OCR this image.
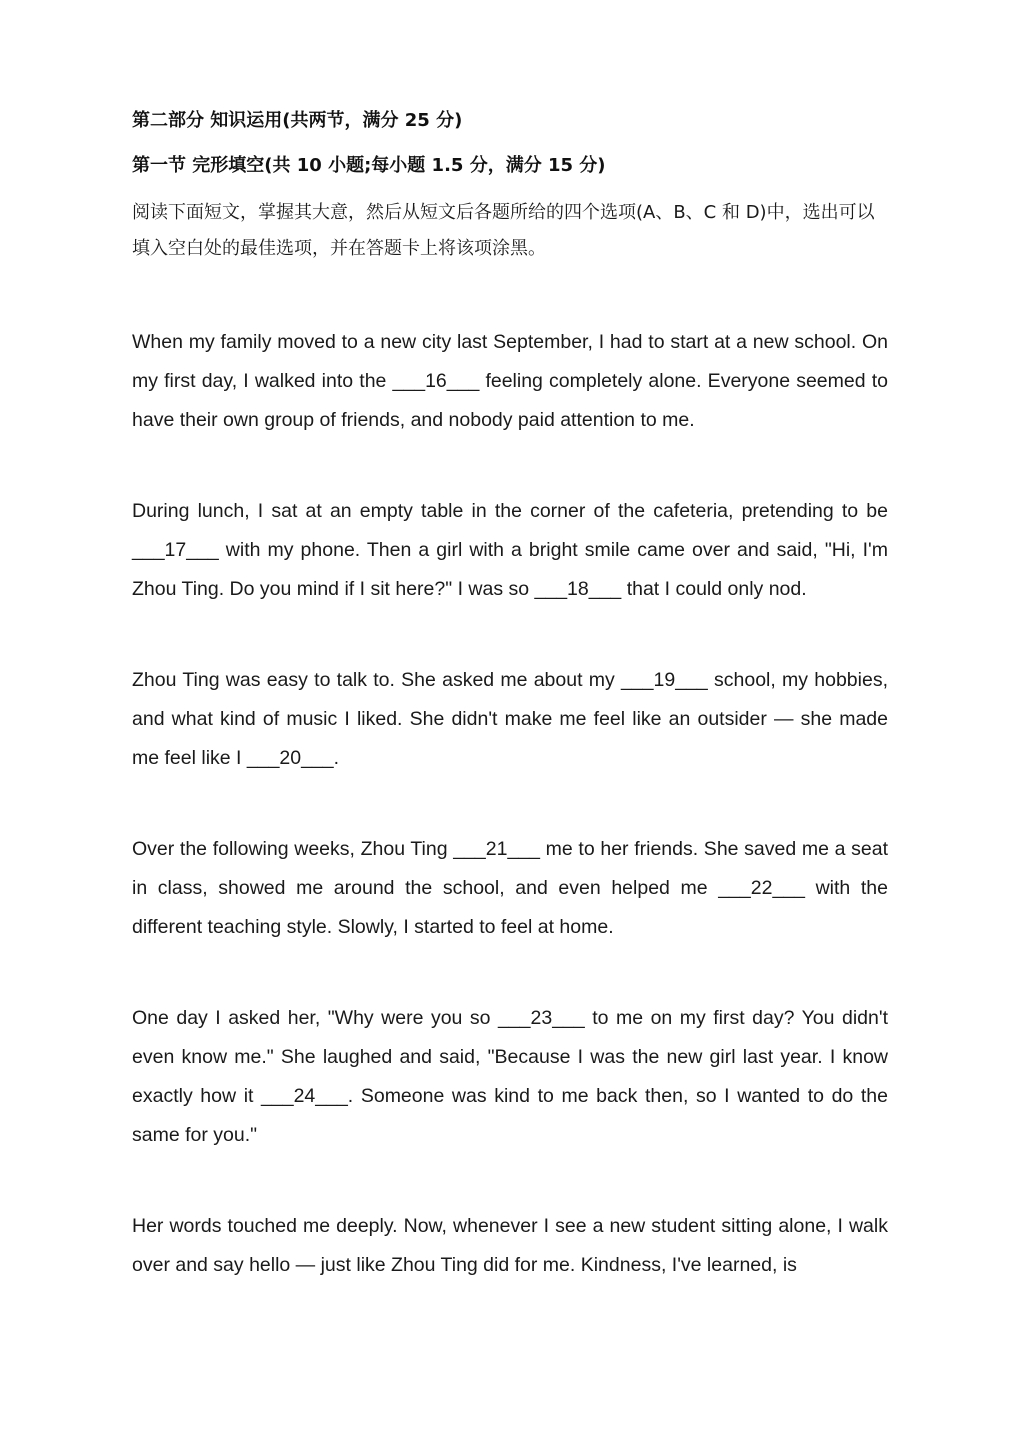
第二部分 知识运用(共两节，满分 25 分)
第一节 完形填空(共 10 小题;每小题 1.5 分，满分 15 分)
阅读下面短文，掌握其大意，然后从短文后各题所给的四个选项(A、B、C 和 D)中，选出可以填入空白处的最佳选项，并在答题卡上将该项涂黑。

When my family moved to a new city last September, I had to start at a new school. On my first day, I walked into the ___16___ feeling completely alone. Everyone seemed to have their own group of friends, and nobody paid attention to me.

During lunch, I sat at an empty table in the corner of the cafeteria, pretending to be ___17___ with my phone. Then a girl with a bright smile came over and said, "Hi, I'm Zhou Ting. Do you mind if I sit here?" I was so ___18___ that I could only nod.

Zhou Ting was easy to talk to. She asked me about my ___19___ school, my hobbies, and what kind of music I liked. She didn't make me feel like an outsider — she made me feel like I ___20___.

Over the following weeks, Zhou Ting ___21___ me to her friends. She saved me a seat in class, showed me around the school, and even helped me ___22___ with the different teaching style. Slowly, I started to feel at home.

One day I asked her, "Why were you so ___23___ to me on my first day? You didn't even know me." She laughed and said, "Because I was the new girl last year. I know exactly how it ___24___. Someone was kind to me back then, so I wanted to do the same for you."

Her words touched me deeply. Now, whenever I see a new student sitting alone, I walk over and say hello — just like Zhou Ting did for me. Kindness, I've learned, is
